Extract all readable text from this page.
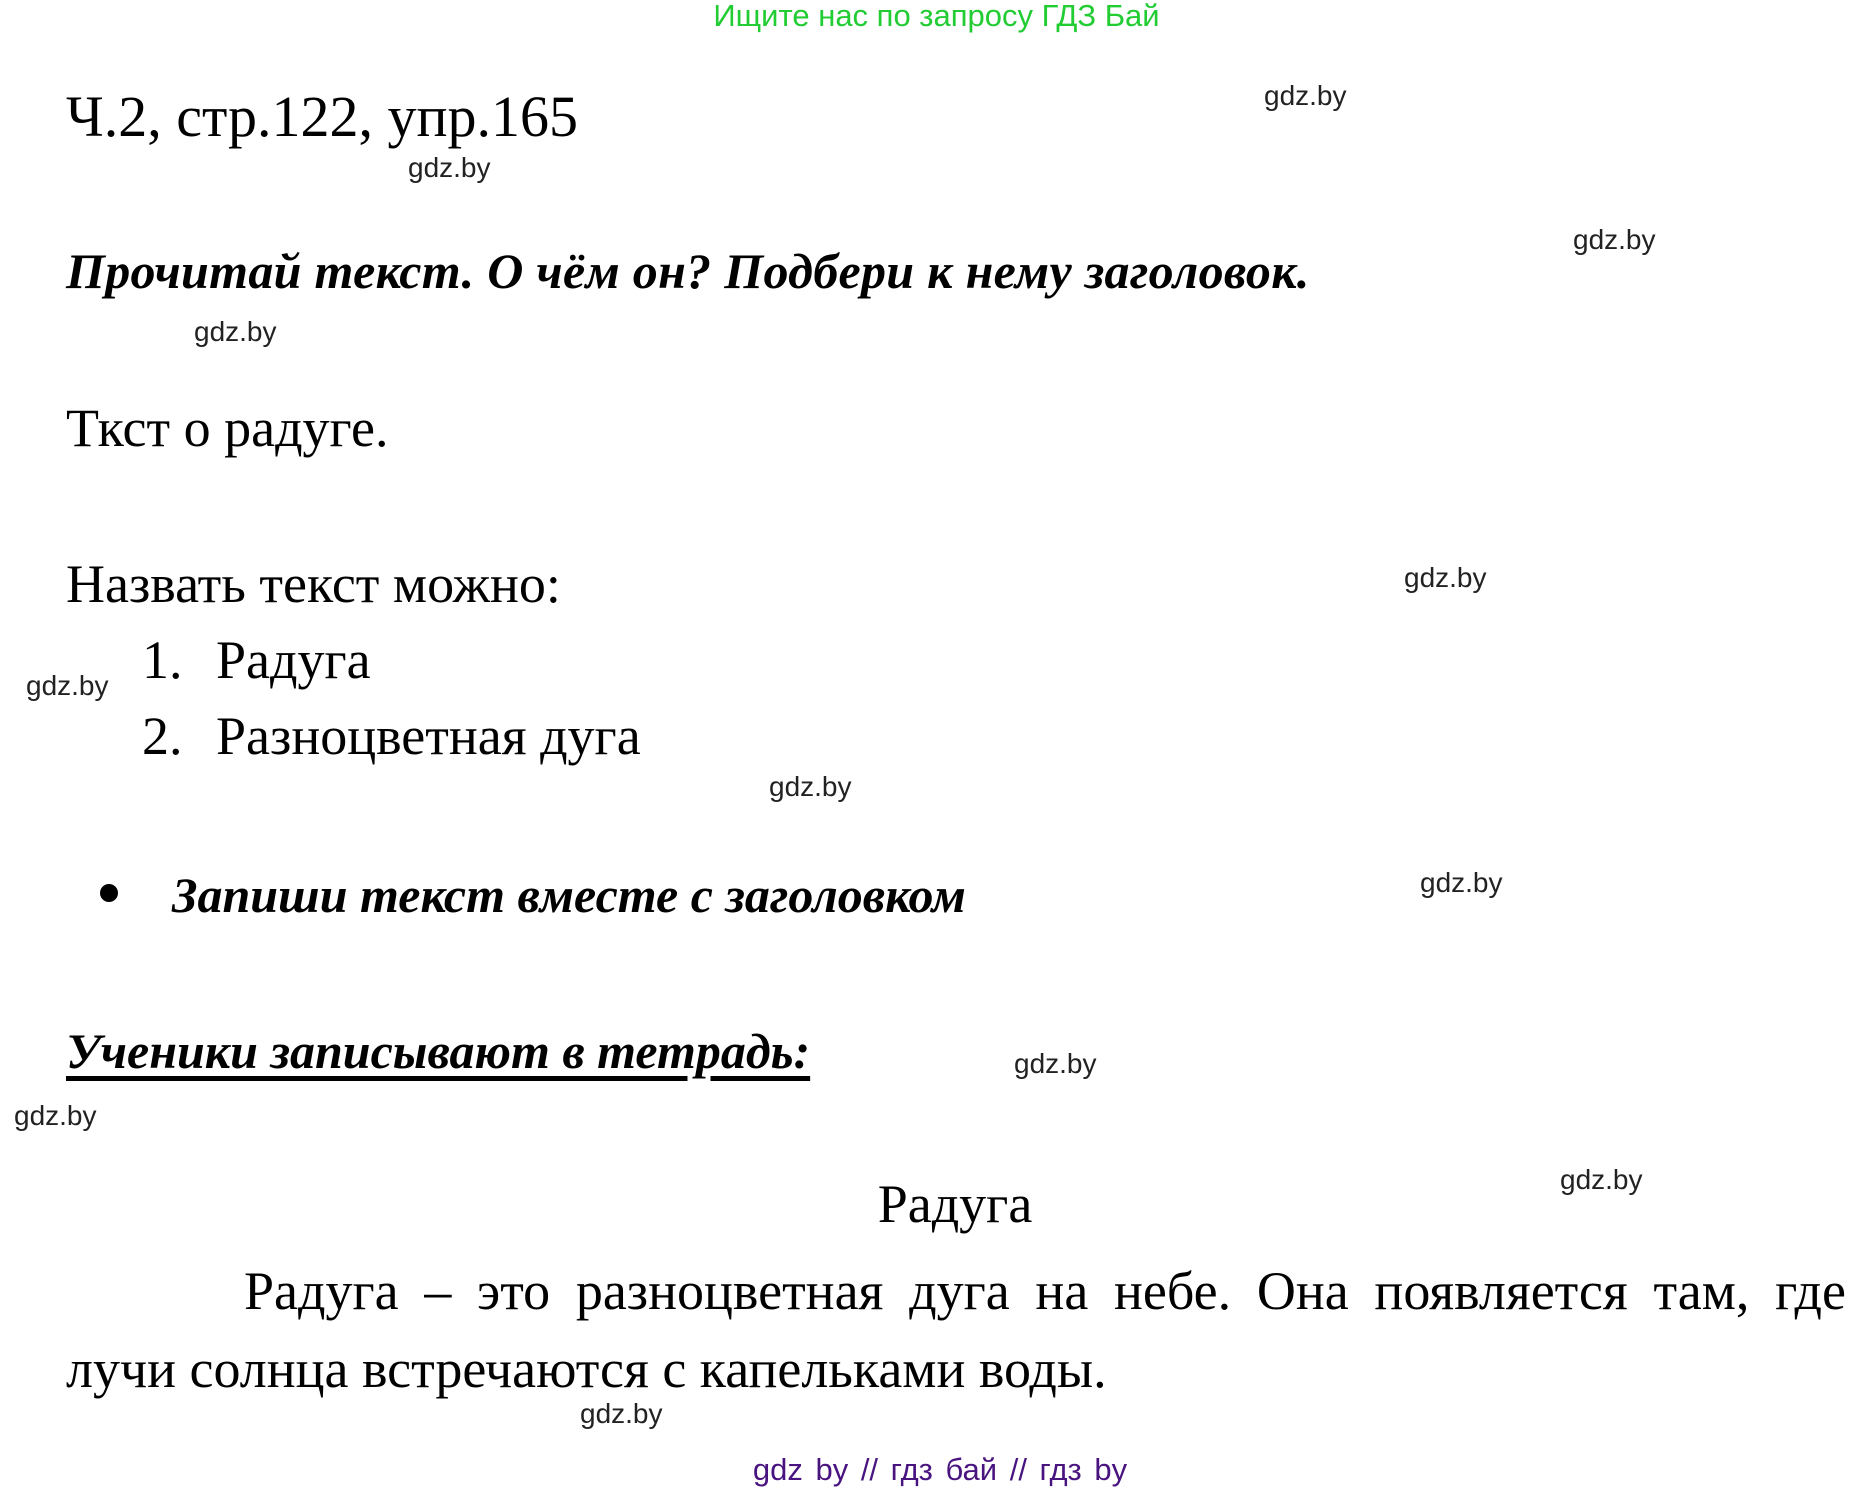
Ищите нас по запросу ГДЗ Бай
Ч.2, стр.122, упр.165
Прочитай текст. О чём он? Подбери к нему заголовок.
Ткст о радуге.
Назвать текст можно:
1. Радуга
2. Разноцветная дуга
Запиши текст вместе с заголовком
Ученики записывают в тетрадь:
Радуга
Радуга – это разноцветная дуга на небе. Она появляется там, где лучи солнца встречаются с капельками воды.
gdz.by
gdz.by
gdz.by
gdz.by
gdz.by
gdz.by
gdz.by
gdz.by
gdz.by
gdz.by
gdz.by
gdz.by
gdz by // гдз бай // гдз by
